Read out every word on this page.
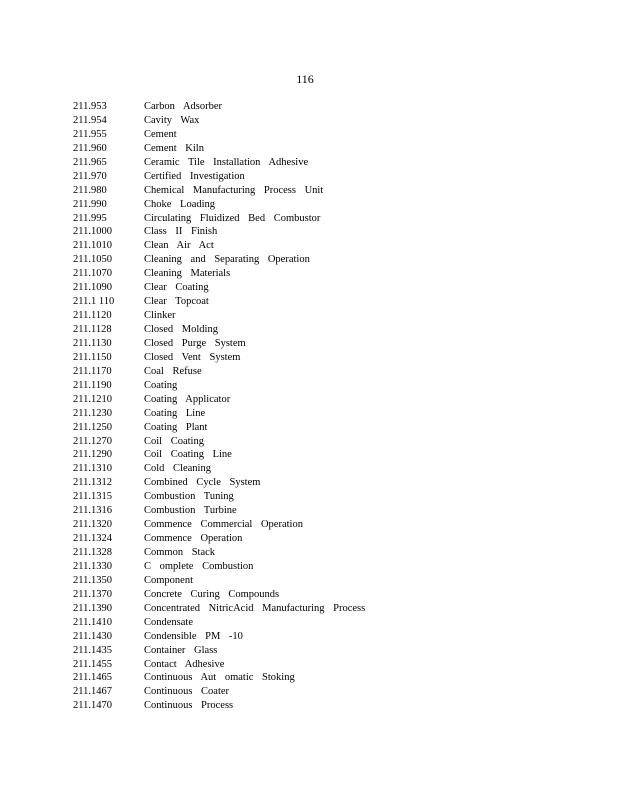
116
211.953	Carbon Adsorber
211.954	Cavity Wax
211.955	Cement
211.960	Cement Kiln
211.965	Ceramic Tile Installation Adhesive
211.970	Certified Investigation
211.980	Chemical Manufacturing Process Unit
211.990	Choke Loading
211.995	Circulating Fluidized Bed Combustor
211.1000	Class II Finish
211.1010	Clean Air Act
211.1050	Cleaning and Separating Operation
211.1070	Cleaning Materials
211.1090	Clear Coating
211.1 110	Clear Topcoat
211.1120	Clinker
211.1128	Closed Molding
211.1130	Closed Purge System
211.1150	Closed Vent System
211.1170	Coal Refuse
211.1190	Coating
211.1210	Coating Applicator
211.1230	Coating Line
211.1250	Coating Plant
211.1270	Coil Coating
211.1290	Coil Coating Line
211.1310	Cold Cleaning
211.1312	Combined Cycle System
211.1315	Combustion Tuning
211.1316	Combustion Turbine
211.1320	Commence Commercial Operation
211.1324	Commence Operation
211.1328	Common Stack
211.1330	C omplete Combustion
211.1350	Component
211.1370	Concrete Curing Compounds
211.1390	Concentrated NitricAcid Manufacturing Process
211.1410	Condensate
211.1430	Condensible PM -10
211.1435	Container Glass
211.1455	Contact Adhesive
211.1465	Continuous Aut omatic Stoking
211.1467	Continuous Coater
211.1470	Continuous Process
